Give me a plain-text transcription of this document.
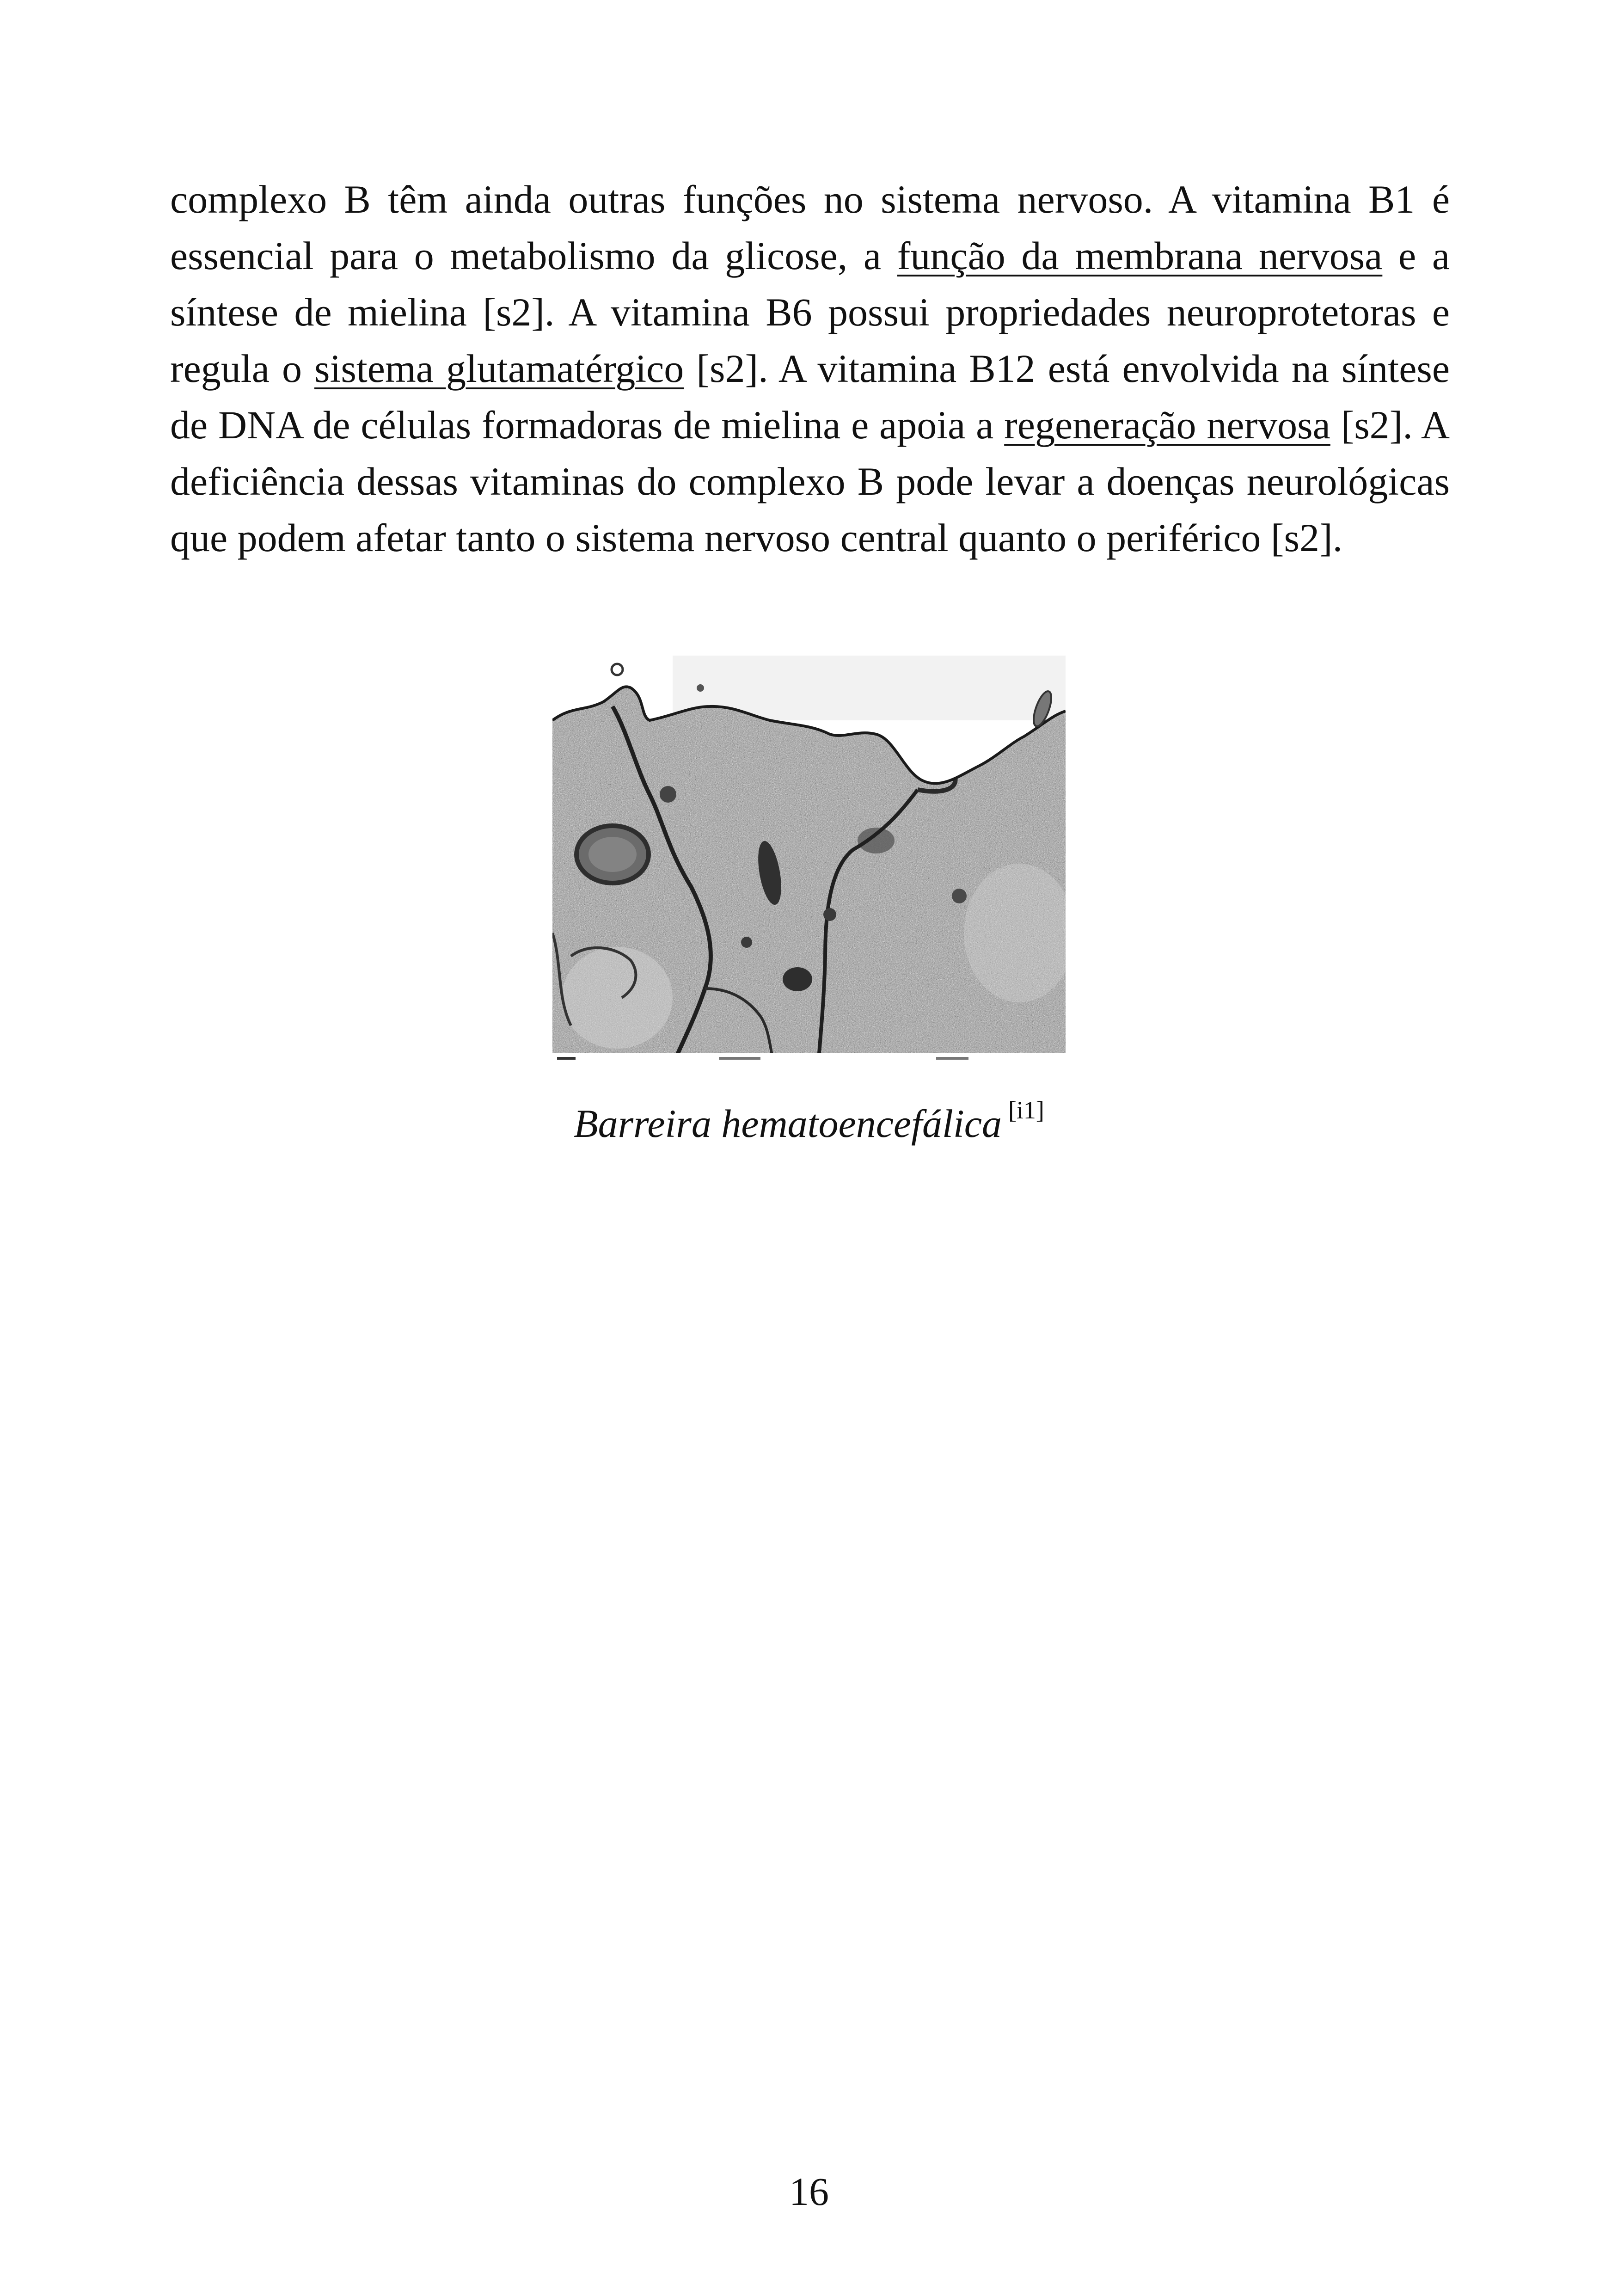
complexo B têm ainda outras funções no sistema nervoso. A vitamina B1 é essencial para o metabolismo da glicose, a função da membrana nervosa e a síntese de mielina [s2]. A vitamina B6 possui propriedades neuroprotetoras e regula o sistema glutamatérgico [s2]. A vitamina B12 está envolvida na síntese de DNA de células formadoras de mielina e apoia a regeneração nervosa [s2]. A deficiência dessas vitaminas do complexo B pode levar a doenças neurológicas que podem afetar tanto o sistema nervoso central quanto o periférico [s2].

Barreira hematoencefálica [i1]

16
